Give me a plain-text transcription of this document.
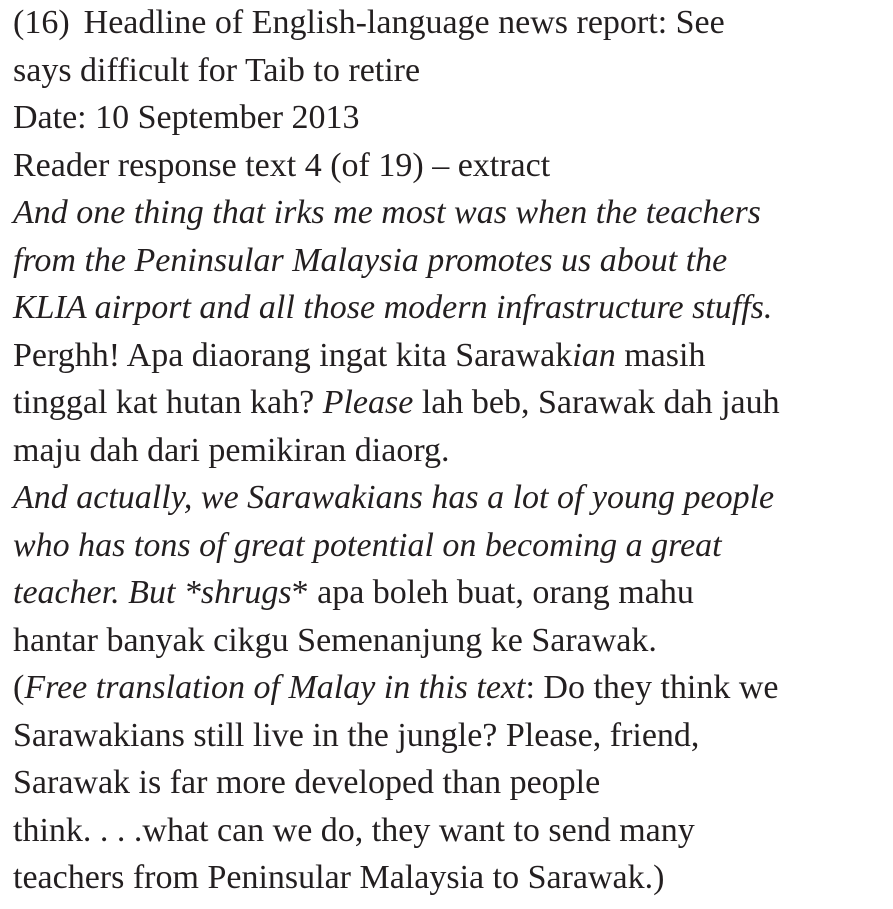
(16) Headline of English-language news report: See
says difficult for Taib to retire
Date: 10 September 2013
Reader response text 4 (of 19) – extract
And one thing that irks me most was when the teachers
from the Peninsular Malaysia promotes us about the
KLIA airport and all those modern infrastructure stuffs.
Perghh! Apa diaorang ingat kita Sarawakian masih
tinggal kat hutan kah? Please lah beb, Sarawak dah jauh
maju dah dari pemikiran diaorg.
And actually, we Sarawakians has a lot of young people
who has tons of great potential on becoming a great
teacher. But *shrugs* apa boleh buat, orang mahu
hantar banyak cikgu Semenanjung ke Sarawak.
(Free translation of Malay in this text: Do they think we
Sarawakians still live in the jungle? Please, friend,
Sarawak is far more developed than people
think. . . .what can we do, they want to send many
teachers from Peninsular Malaysia to Sarawak.)
